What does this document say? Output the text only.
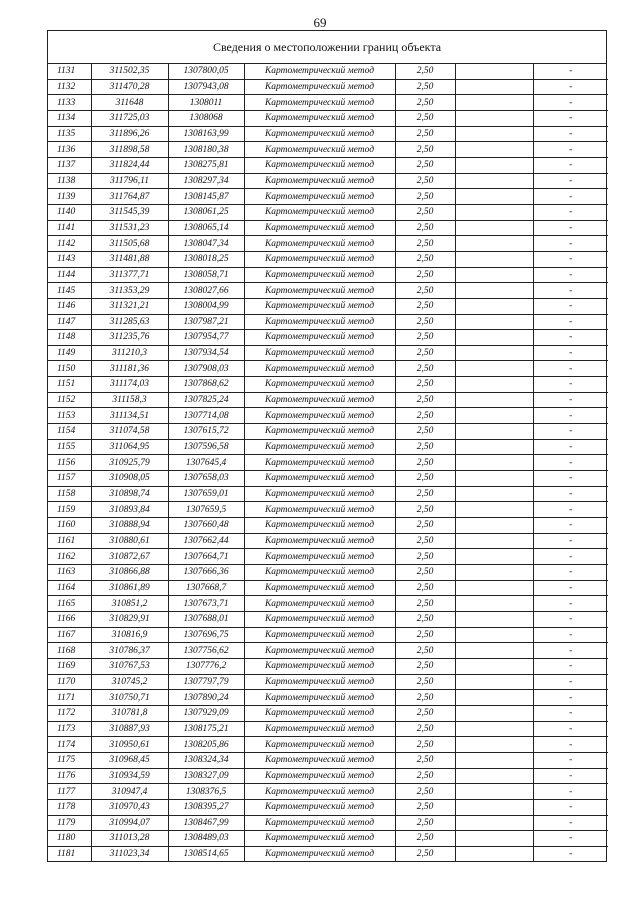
69
Сведения о местоположении границ объекта
1131	311502,35	1307800,05	Картометрический метод	2,50		-
1132	311470,28	1307943,08	Картометрический метод	2,50		-
1133	311648	1308011	Картометрический метод	2,50		-
1134	311725,03	1308068	Картометрический метод	2,50		-
1135	311896,26	1308163,99	Картометрический метод	2,50		-
1136	311898,58	1308180,38	Картометрический метод	2,50		-
1137	311824,44	1308275,81	Картометрический метод	2,50		-
1138	311796,11	1308297,34	Картометрический метод	2,50		-
1139	311764,87	1308145,87	Картометрический метод	2,50		-
1140	311545,39	1308061,25	Картометрический метод	2,50		-
1141	311531,23	1308065,14	Картометрический метод	2,50		-
1142	311505,68	1308047,34	Картометрический метод	2,50		-
1143	311481,88	1308018,25	Картометрический метод	2,50		-
1144	311377,71	1308058,71	Картометрический метод	2,50		-
1145	311353,29	1308027,66	Картометрический метод	2,50		-
1146	311321,21	1308004,99	Картометрический метод	2,50		-
1147	311285,63	1307987,21	Картометрический метод	2,50		-
1148	311235,76	1307954,77	Картометрический метод	2,50		-
1149	311210,3	1307934,54	Картометрический метод	2,50		-
1150	311181,36	1307908,03	Картометрический метод	2,50		-
1151	311174,03	1307868,62	Картометрический метод	2,50		-
1152	311158,3	1307825,24	Картометрический метод	2,50		-
1153	311134,51	1307714,08	Картометрический метод	2,50		-
1154	311074,58	1307615,72	Картометрический метод	2,50		-
1155	311064,95	1307596,58	Картометрический метод	2,50		-
1156	310925,79	1307645,4	Картометрический метод	2,50		-
1157	310908,05	1307658,03	Картометрический метод	2,50		-
1158	310898,74	1307659,01	Картометрический метод	2,50		-
1159	310893,84	1307659,5	Картометрический метод	2,50		-
1160	310888,94	1307660,48	Картометрический метод	2,50		-
1161	310880,61	1307662,44	Картометрический метод	2,50		-
1162	310872,67	1307664,71	Картометрический метод	2,50		-
1163	310866,88	1307666,36	Картометрический метод	2,50		-
1164	310861,89	1307668,7	Картометрический метод	2,50		-
1165	310851,2	1307673,71	Картометрический метод	2,50		-
1166	310829,91	1307688,01	Картометрический метод	2,50		-
1167	310816,9	1307696,75	Картометрический метод	2,50		-
1168	310786,37	1307756,62	Картометрический метод	2,50		-
1169	310767,53	1307776,2	Картометрический метод	2,50		-
1170	310745,2	1307797,79	Картометрический метод	2,50		-
1171	310750,71	1307890,24	Картометрический метод	2,50		-
1172	310781,8	1307929,09	Картометрический метод	2,50		-
1173	310887,93	1308175,21	Картометрический метод	2,50		-
1174	310950,61	1308205,86	Картометрический метод	2,50		-
1175	310968,45	1308324,34	Картометрический метод	2,50		-
1176	310934,59	1308327,09	Картометрический метод	2,50		-
1177	310947,4	1308376,5	Картометрический метод	2,50		-
1178	310970,43	1308395,27	Картометрический метод	2,50		-
1179	310994,07	1308467,99	Картометрический метод	2,50		-
1180	311013,28	1308489,03	Картометрический метод	2,50		-
1181	311023,34	1308514,65	Картометрический метод	2,50		-
